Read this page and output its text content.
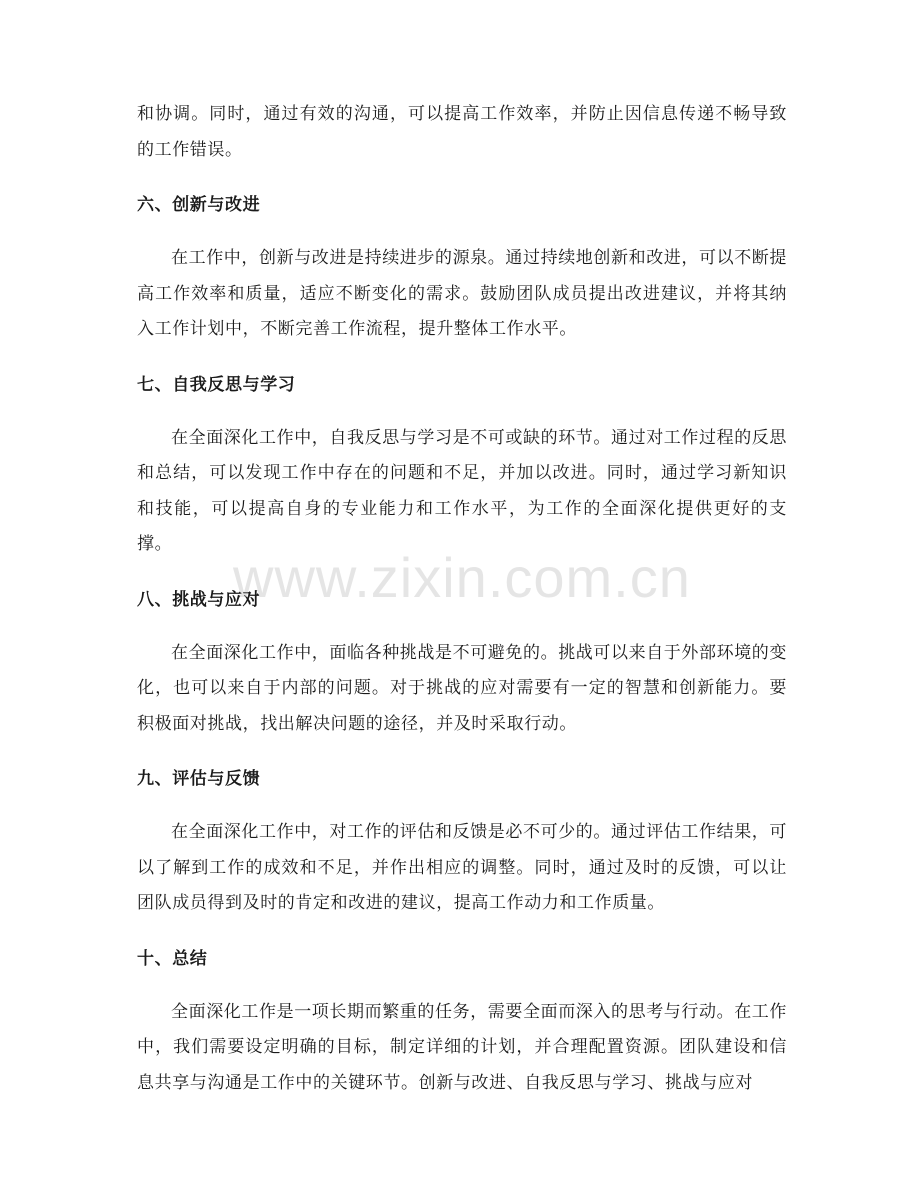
和协调。同时，通过有效的沟通，可以提高工作效率，并防止因信息传递不畅导致的工作错误。

六、创新与改进

在工作中，创新与改进是持续进步的源泉。通过持续地创新和改进，可以不断提高工作效率和质量，适应不断变化的需求。鼓励团队成员提出改进建议，并将其纳入工作计划中，不断完善工作流程，提升整体工作水平。

七、自我反思与学习

在全面深化工作中，自我反思与学习是不可或缺的环节。通过对工作过程的反思和总结，可以发现工作中存在的问题和不足，并加以改进。同时，通过学习新知识和技能，可以提高自身的专业能力和工作水平，为工作的全面深化提供更好的支撑。

八、挑战与应对

在全面深化工作中，面临各种挑战是不可避免的。挑战可以来自于外部环境的变化，也可以来自于内部的问题。对于挑战的应对需要有一定的智慧和创新能力。要积极面对挑战，找出解决问题的途径，并及时采取行动。

九、评估与反馈

在全面深化工作中，对工作的评估和反馈是必不可少的。通过评估工作结果，可以了解到工作的成效和不足，并作出相应的调整。同时，通过及时的反馈，可以让团队成员得到及时的肯定和改进的建议，提高工作动力和工作质量。

十、总结

全面深化工作是一项长期而繁重的任务，需要全面而深入的思考与行动。在工作中，我们需要设定明确的目标，制定详细的计划，并合理配置资源。团队建设和信息共享与沟通是工作中的关键环节。创新与改进、自我反思与学习、挑战与应对

www.zixin.com.cn
